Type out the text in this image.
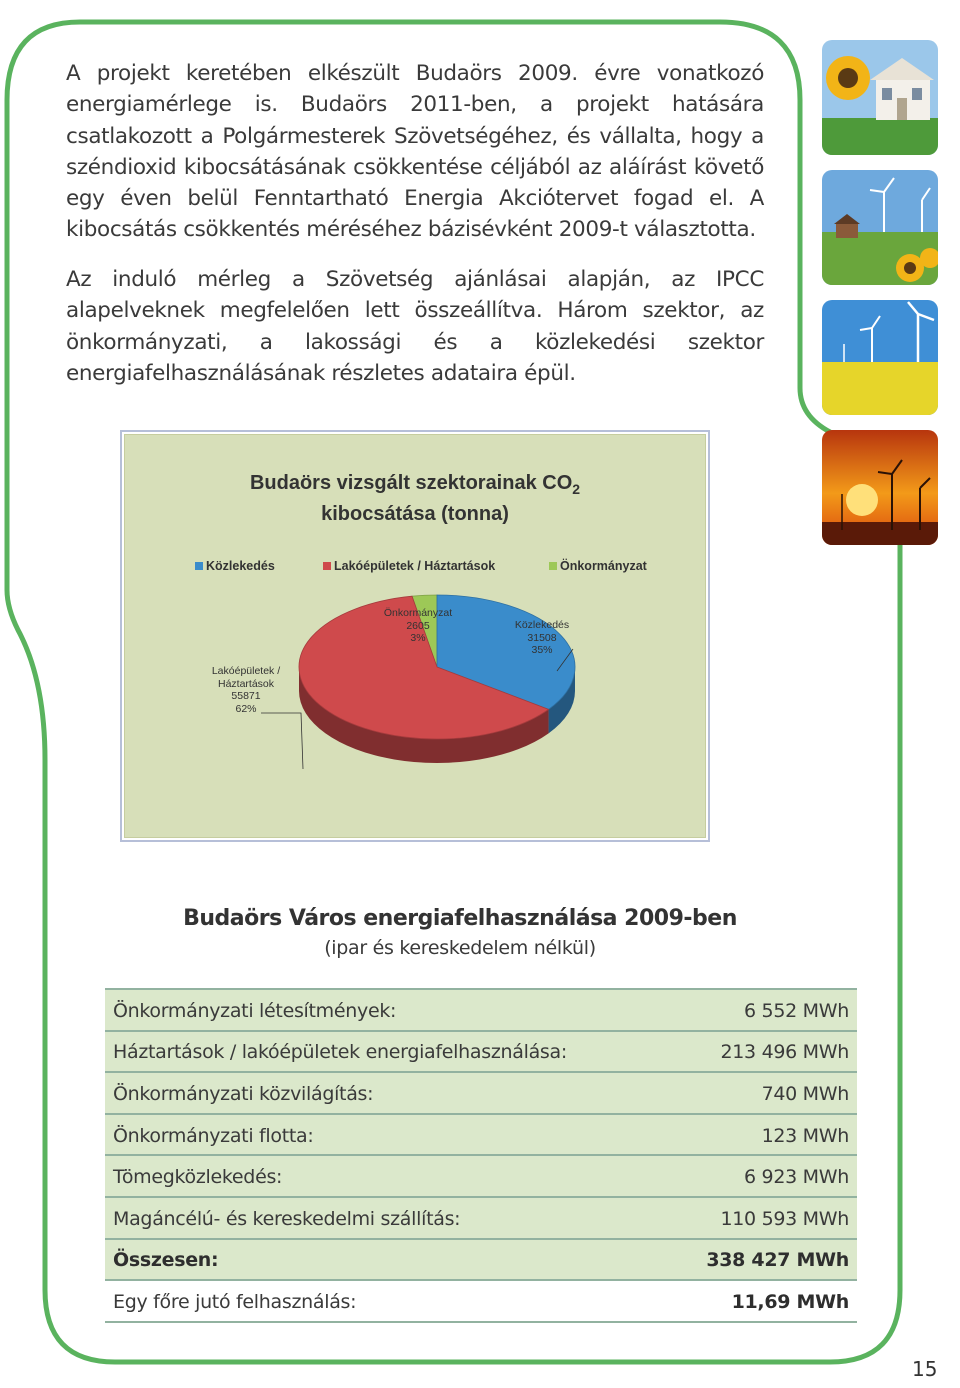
A projekt keretében elkészült Budaörs 2009. évre vonatkozó energiamérlege is. Budaörs 2011-ben, a projekt hatására csatlakozott a Polgármesterek Szövetségéhez, és vállalta, hogy a széndioxid kibocsátásának csökkentése céljából az aláírást követő egy éven belül Fenntartható Energia Akciótervet fogad el. A kibocsátás csökkentés méréséhez bázisévként 2009-t választotta.

Az induló mérleg a Szövetség ajánlásai alapján, az IPCC alapelveknek megfelelően lett összeállítva. Három szektor, az önkormányzati, a lakossági és a közlekedési szektor energiafelhasználásának részletes adataira épül.

Budaörs vizsgált szektorainak $CO_2$
kibocsátása (tonna)
Közlekedés	Lakóépületek / Háztartások	Önkormányzat
Önkormányzat
2605
3%
Közlekedés
31508
35%
Lakóépületek /
Háztartások
55871
62%
Budaörs Város energiafelhasználása 2009-ben
(ipar és kereskedelem nélkül)
Önkormányzati létesítmények:	6 552 MWh
Háztartások / lakóépületek energiafelhasználása:	213 496 MWh
Önkormányzati közvilágítás:	740 MWh
Önkormányzati flotta:	123 MWh
Tömegközlekedés:	6 923 MWh
Magáncélú- és kereskedelmi szállítás:	110 593 MWh
Összesen:	338 427 MWh
Egy főre jutó felhasználás:	11,69 MWh
15
